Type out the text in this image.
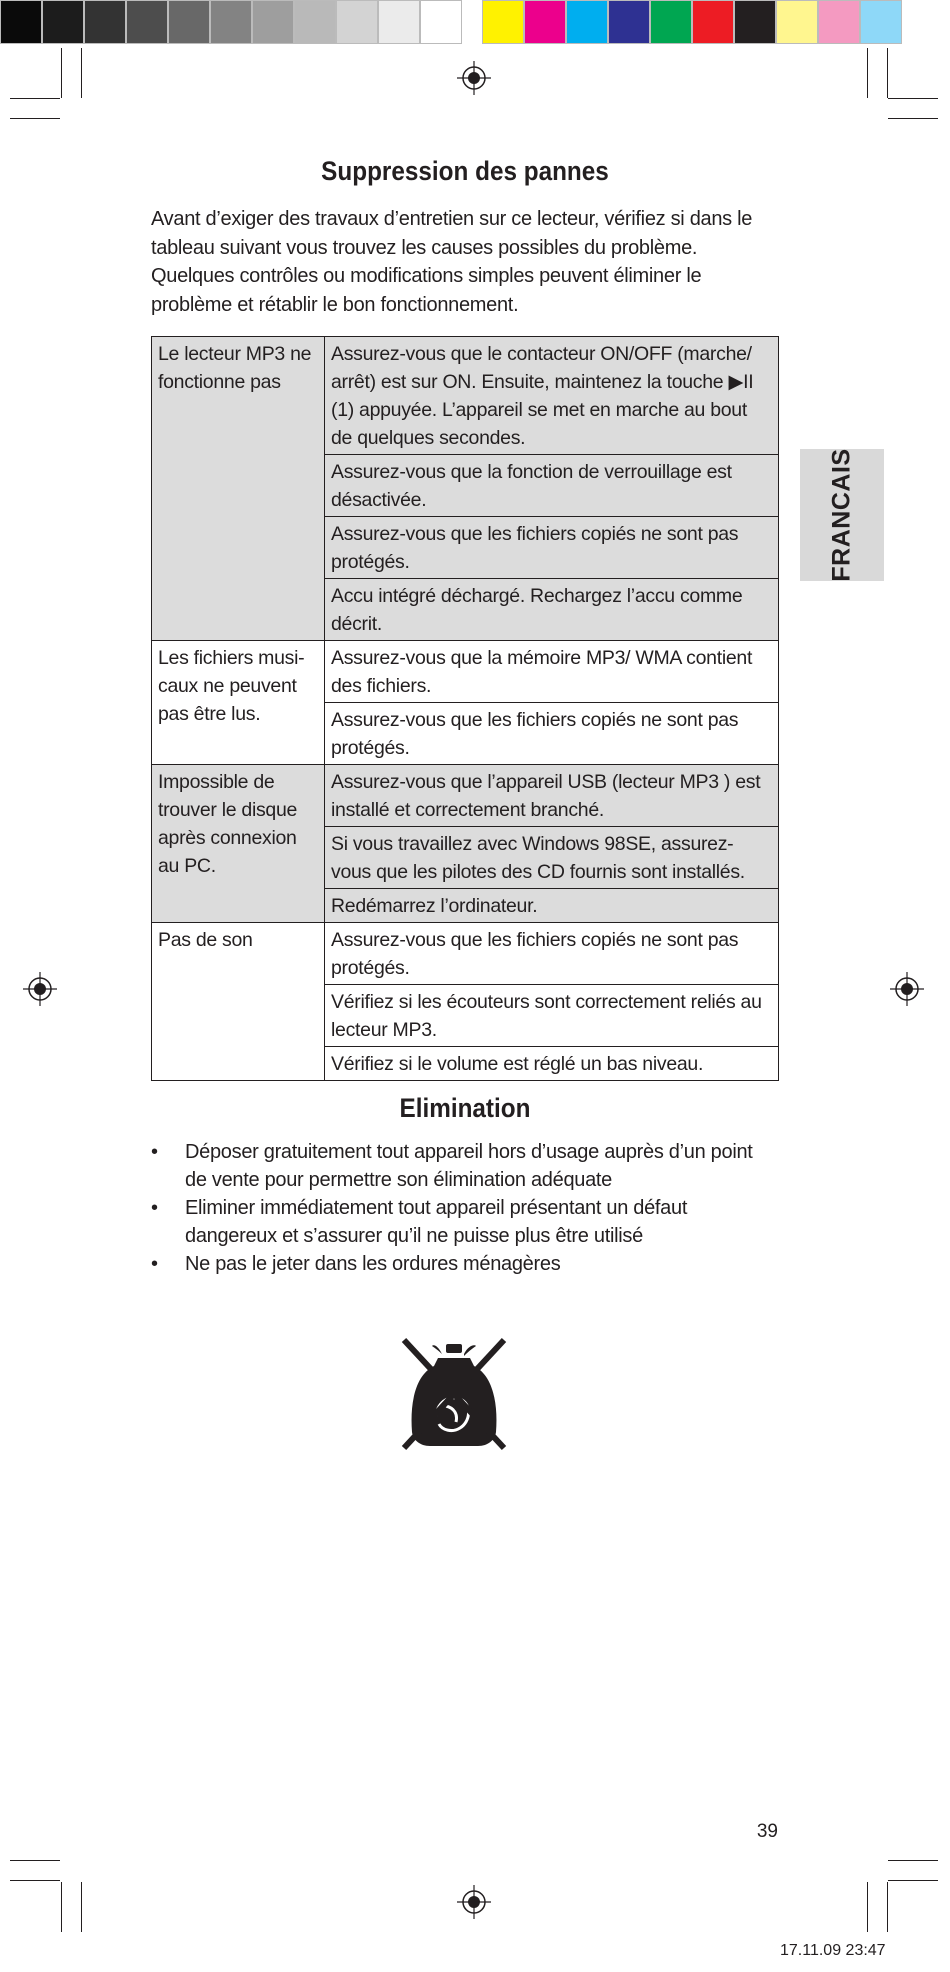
Suppression des pannes

Avant d’exiger des travaux d’entretien sur ce lecteur, vérifiez si dans le tableau suivant vous trouvez les causes possibles du problème. Quelques contrôles ou modifications simples peuvent éliminer le problème et rétablir le bon fonctionnement.

Le lecteur MP3 ne fonctionne pas	Assurez-vous que le contacteur ON/OFF (marche/ arrêt) est sur ON. Ensuite, maintenez la touche ▶II (1) appuyée. L’appareil se met en marche au bout de quelques secondes.
	Assurez-vous que la fonction de verrouillage est désactivée.
	Assurez-vous que les fichiers copiés ne sont pas protégés.
	Accu intégré déchargé. Rechargez l’accu comme décrit.
Les fichiers musi- caux ne peuvent pas être lus.	Assurez-vous que la mémoire MP3/ WMA contient des fichiers.
	Assurez-vous que les fichiers copiés ne sont pas protégés.
Impossible de trouver le disque après connexion au PC.	Assurez-vous que l’appareil USB (lecteur MP3 ) est installé et correctement branché.
	Si vous travaillez avec Windows 98SE, assurez-vous que les pilotes des CD fournis sont installés.
	Redémarrez l’ordinateur.
Pas de son	Assurez-vous que les fichiers copiés ne sont pas protégés.
	Vérifiez si les écouteurs sont correctement reliés au lecteur MP3.
	Vérifiez si le volume est réglé un bas niveau.
FRANCAIS
Elimination
• Déposer gratuitement tout appareil hors d’usage auprès d’un point de vente pour permettre son élimination adéquate
• Eliminer immédiatement tout appareil présentant un défaut dangereux et s’assurer qu’il ne puisse plus être utilisé
• Ne pas le jeter dans les ordures ménagères
39
17.11.09 23:47
